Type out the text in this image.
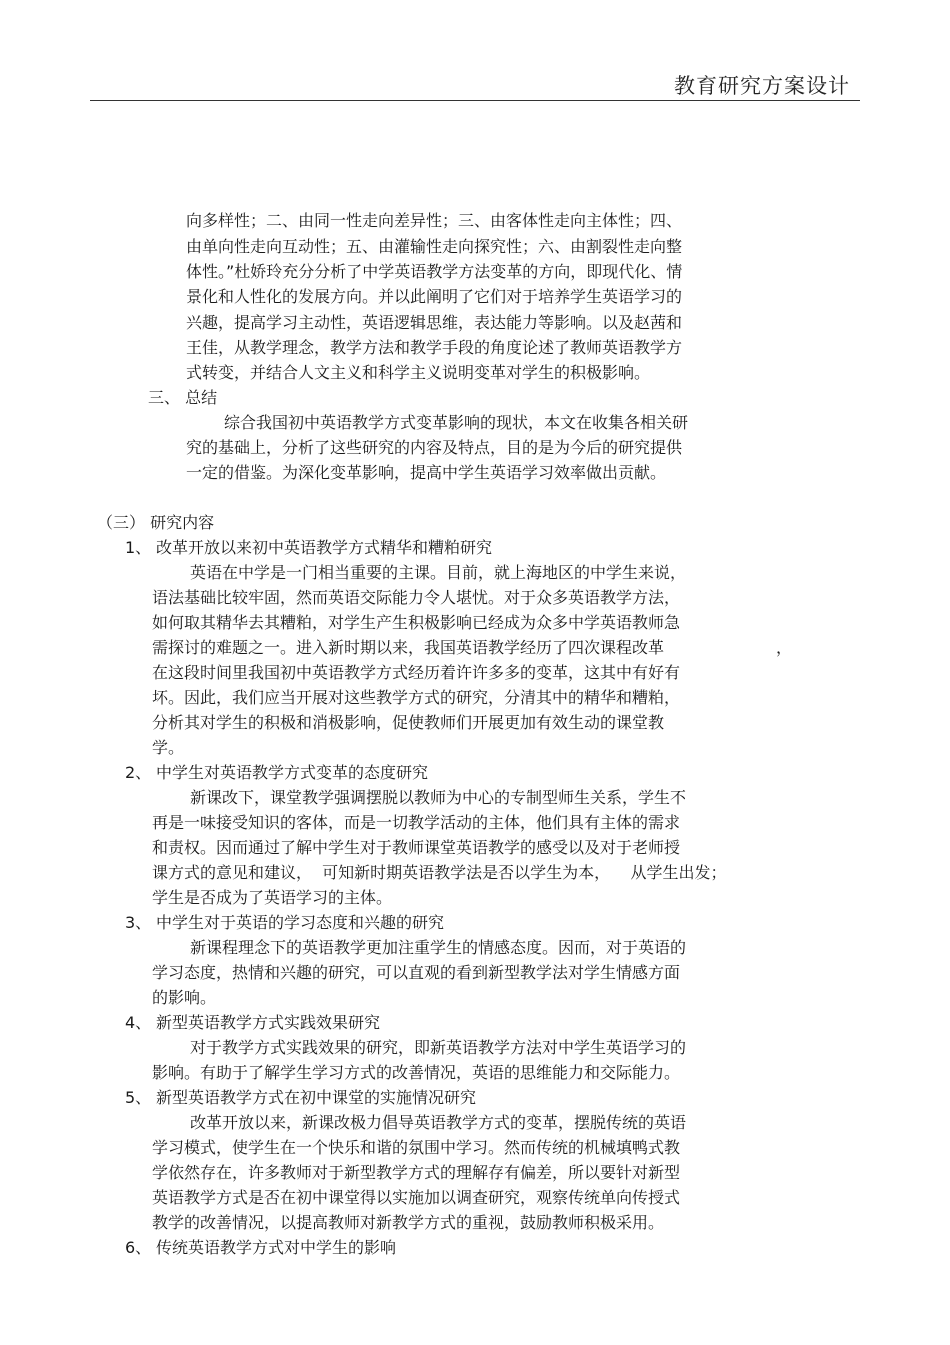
教育研究方案设计
向多样性；二、由同一性走向差异性；三、由客体性走向主体性；四、
由单向性走向互动性；五、由灌输性走向探究性；六、由割裂性走向整
体性。”杜娇玲充分分析了中学英语教学方法变革的方向，即现代化、情
景化和人性化的发展方向。并以此阐明了它们对于培养学生英语学习的
兴趣，提高学习主动性，英语逻辑思维，表达能力等影响。以及赵茜和
王佳，从教学理念，教学方法和教学手段的角度论述了教师英语教学方
式转变，并结合人文主义和科学主义说明变革对学生的积极影响。
三、 总结
综合我国初中英语教学方式变革影响的现状，本文在收集各相关研
究的基础上，分析了这些研究的内容及特点，目的是为今后的研究提供
一定的借鉴。为深化变革影响，提高中学生英语学习效率做出贡献。
（三） 研究内容
1、 改革开放以来初中英语教学方式精华和糟粕研究
英语在中学是一门相当重要的主课。目前，就上海地区的中学生来说，
语法基础比较牢固，然而英语交际能力令人堪忧。对于众多英语教学方法，
如何取其精华去其糟粕，对学生产生积极影响已经成为众多中学英语教师急
需探讨的难题之一。进入新时期以来，我国英语教学经历了四次课程改革	，
在这段时间里我国初中英语教学方式经历着许许多多的变革，这其中有好有
坏。因此，我们应当开展对这些教学方式的研究，分清其中的精华和糟粕，
分析其对学生的积极和消极影响，促使教师们开展更加有效生动的课堂教
学。
2、 中学生对英语教学方式变革的态度研究
新课改下，课堂教学强调摆脱以教师为中心的专制型师生关系，学生不
再是一味接受知识的客体，而是一切教学活动的主体，他们具有主体的需求
和责权。因而通过了解中学生对于教师课堂英语教学的感受以及对于老师授
课方式的意见和建议，  可知新时期英语教学法是否以学生为本，    从学生出发；
学生是否成为了英语学习的主体。
3、 中学生对于英语的学习态度和兴趣的研究
新课程理念下的英语教学更加注重学生的情感态度。因而，对于英语的
学习态度，热情和兴趣的研究，可以直观的看到新型教学法对学生情感方面
的影响。
4、 新型英语教学方式实践效果研究
对于教学方式实践效果的研究，即新英语教学方法对中学生英语学习的
影响。有助于了解学生学习方式的改善情况，英语的思维能力和交际能力。
5、 新型英语教学方式在初中课堂的实施情况研究
改革开放以来，新课改极力倡导英语教学方式的变革，摆脱传统的英语
学习模式，使学生在一个快乐和谐的氛围中学习。然而传统的机械填鸭式教
学依然存在，许多教师对于新型教学方式的理解存有偏差，所以要针对新型
英语教学方式是否在初中课堂得以实施加以调查研究，观察传统单向传授式
教学的改善情况，以提高教师对新教学方式的重视，鼓励教师积极采用。
6、 传统英语教学方式对中学生的影响
